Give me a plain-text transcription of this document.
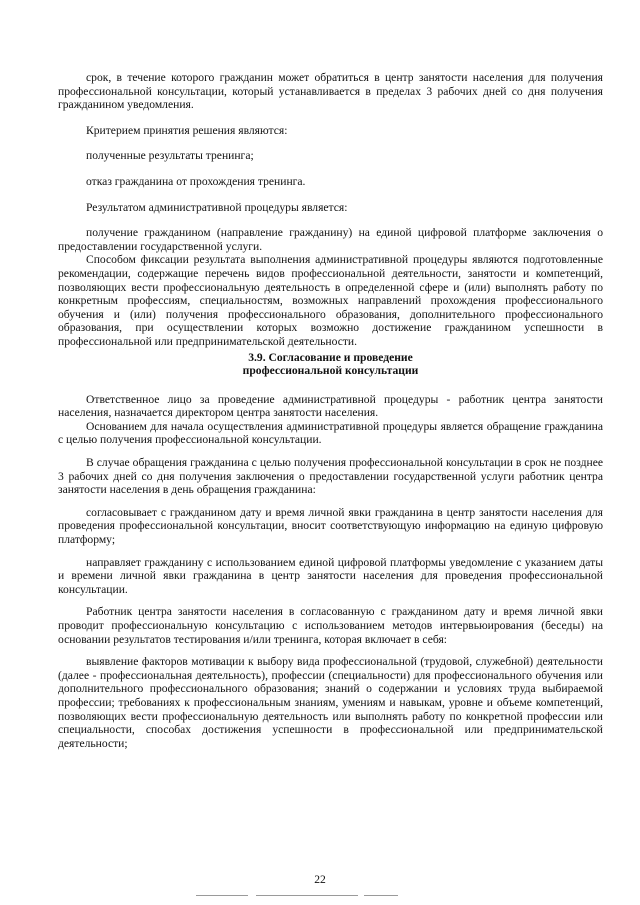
срок, в течение которого гражданин может обратиться в центр занятости населения для получения профессиональной консультации, который устанавливается в пределах 3 рабочих дней со дня получения гражданином уведомления.

Критерием принятия решения являются:

полученные результаты тренинга;

отказ гражданина от прохождения тренинга.

Результатом административной процедуры является:

получение гражданином (направление гражданину) на единой цифровой платформе заключения о предоставлении государственной услуги.

Способом фиксации результата выполнения административной процедуры являются подготовленные рекомендации, содержащие перечень видов профессиональной деятельности, занятости и компетенций, позволяющих вести профессиональную деятельность в определенной сфере и (или) выполнять работу по конкретным профессиям, специальностям, возможных направлений прохождения профессионального обучения и (или) получения профессионального образования, дополнительного профессионального образования, при осуществлении которых возможно достижение гражданином успешности в профессиональной или предпринимательской деятельности.

3.9. Согласование и проведение
профессиональной консультации

Ответственное лицо за проведение административной процедуры - работник центра занятости населения, назначается директором центра занятости населения.

Основанием для начала осуществления административной процедуры является обращение гражданина с целью получения профессиональной консультации.

В случае обращения гражданина с целью получения профессиональной консультации в срок не позднее 3 рабочих дней со дня получения заключения о предоставлении государственной услуги работник центра занятости населения в день обращения гражданина:

согласовывает с гражданином дату и время личной явки гражданина в центр занятости населения для проведения профессиональной консультации, вносит соответствующую информацию на единую цифровую платформу;

направляет гражданину с использованием единой цифровой платформы уведомление с указанием даты и времени личной явки гражданина в центр занятости населения для проведения профессиональной консультации.

Работник центра занятости населения в согласованную с гражданином дату и время личной явки проводит профессиональную консультацию с использованием методов интервьюирования (беседы) на основании результатов тестирования и/или тренинга, которая включает в себя:

выявление факторов мотивации к выбору вида профессиональной (трудовой, служебной) деятельности (далее - профессиональная деятельность), профессии (специальности) для профессионального обучения или дополнительного профессионального образования; знаний о содержании и условиях труда выбираемой профессии; требованиях к профессиональным знаниям, умениям и навыкам, уровне и объеме компетенций, позволяющих вести профессиональную деятельность или выполнять работу по конкретной профессии или специальности, способах достижения успешности в профессиональной или предпринимательской деятельности;

22
